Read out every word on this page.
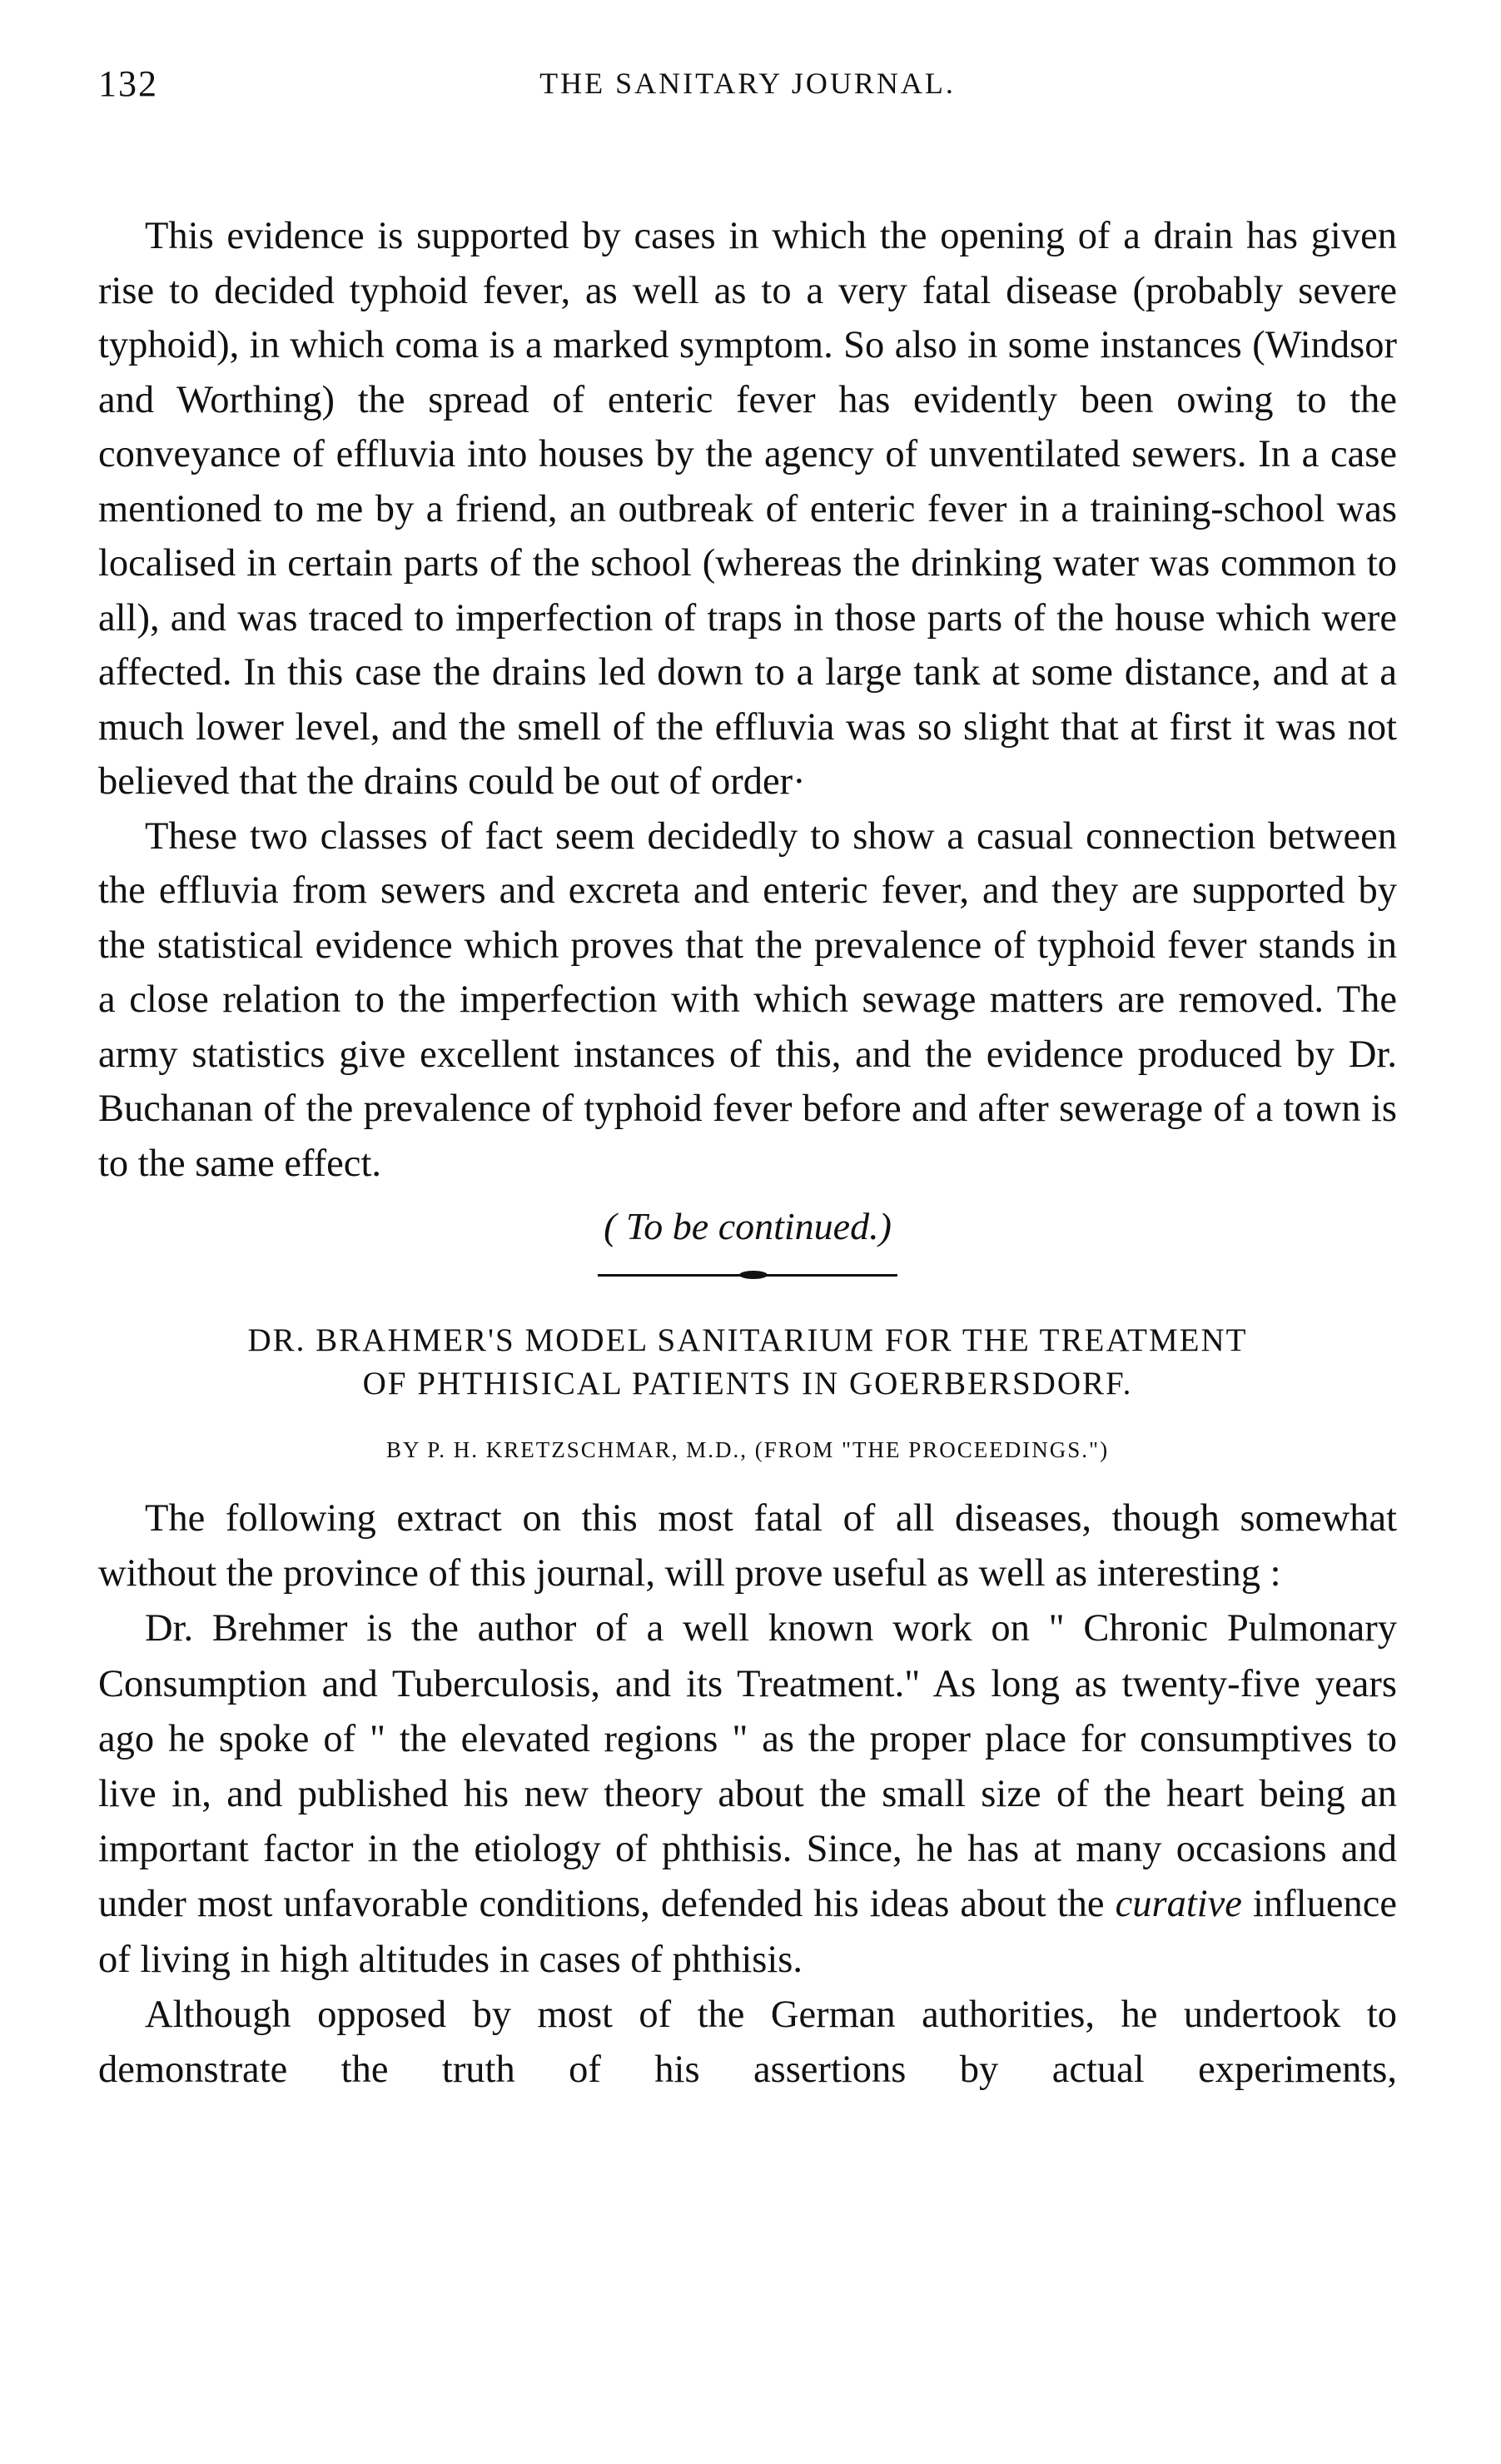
132	THE SANITARY JOURNAL.

This evidence is supported by cases in which the opening of a drain has given rise to decided typhoid fever, as well as to a very fatal disease (probably severe typhoid), in which coma is a marked symptom. So also in some instances (Windsor and Worthing) the spread of enteric fever has evidently been owing to the conveyance of effluvia into houses by the agency of unventilated sewers. In a case mentioned to me by a friend, an outbreak of enteric fever in a training-school was localised in certain parts of the school (whereas the drinking water was common to all), and was traced to imperfection of traps in those parts of the house which were affected. In this case the drains led down to a large tank at some distance, and at a much lower level, and the smell of the effluvia was so slight that at first it was not believed that the drains could be out of order·

These two classes of fact seem decidedly to show a casual connection between the effluvia from sewers and excreta and enteric fever, and they are supported by the statistical evidence which proves that the prevalence of typhoid fever stands in a close relation to the imperfection with which sewage matters are removed. The army statistics give excellent instances of this, and the evidence produced by Dr. Buchanan of the prevalence of typhoid fever before and after sewerage of a town is to the same effect.

( To be continued.)
DR. BRAHMER'S MODEL SANITARIUM FOR THE TREATMENT
OF PHTHISICAL PATIENTS IN GOERBERSDORF.
BY P. H. KRETZSCHMAR, M.D., (FROM "THE PROCEEDINGS.")

The following extract on this most fatal of all diseases, though somewhat without the province of this journal, will prove useful as well as interesting :

Dr. Brehmer is the author of a well known work on " Chronic Pulmonary Consumption and Tuberculosis, and its Treatment." As long as twenty-five years ago he spoke of " the elevated regions " as the proper place for consumptives to live in, and published his new theory about the small size of the heart being an important factor in the etiology of phthisis. Since, he has at many occasions and under most unfavorable conditions, defended his ideas about the curative influence of living in high altitudes in cases of phthisis.

Although opposed by most of the German authorities, he undertook to demonstrate the truth of his assertions by actual experiments,
